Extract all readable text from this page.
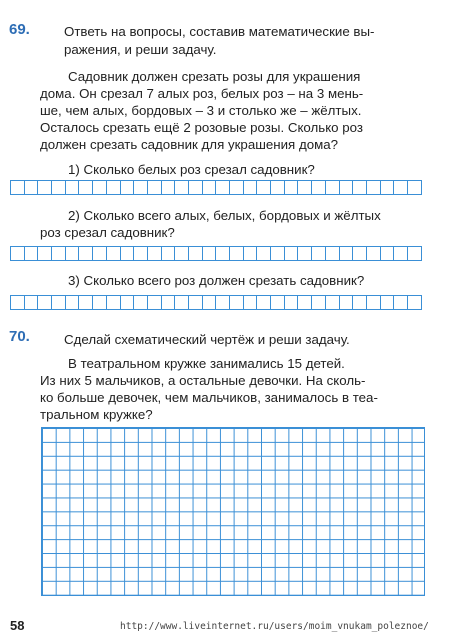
69.	Ответь на вопросы, составив математические вы-
ражения, и реши задачу.
Садовник должен срезать розы для украшения
дома. Он срезал 7 алых роз, белых роз – на 3 мень-
ше, чем алых, бордовых – 3 и столько же – жёлтых.
Осталось срезать ещё 2 розовые розы. Сколько роз
должен срезать садовник для украшения дома?
1) Сколько белых роз срезал садовник?
2) Сколько всего алых, белых, бордовых и жёлтых
роз срезал садовник?
3) Сколько всего роз должен срезать садовник?
70.	Сделай схематический чертёж и реши задачу.
В театральном кружке занимались 15 детей.
Из них 5 мальчиков, а остальные девочки. На сколь-
ко больше девочек, чем мальчиков, занималось в теа-
тральном кружке?
58	http://www.liveinternet.ru/users/moim_vnukam_poleznoe/
